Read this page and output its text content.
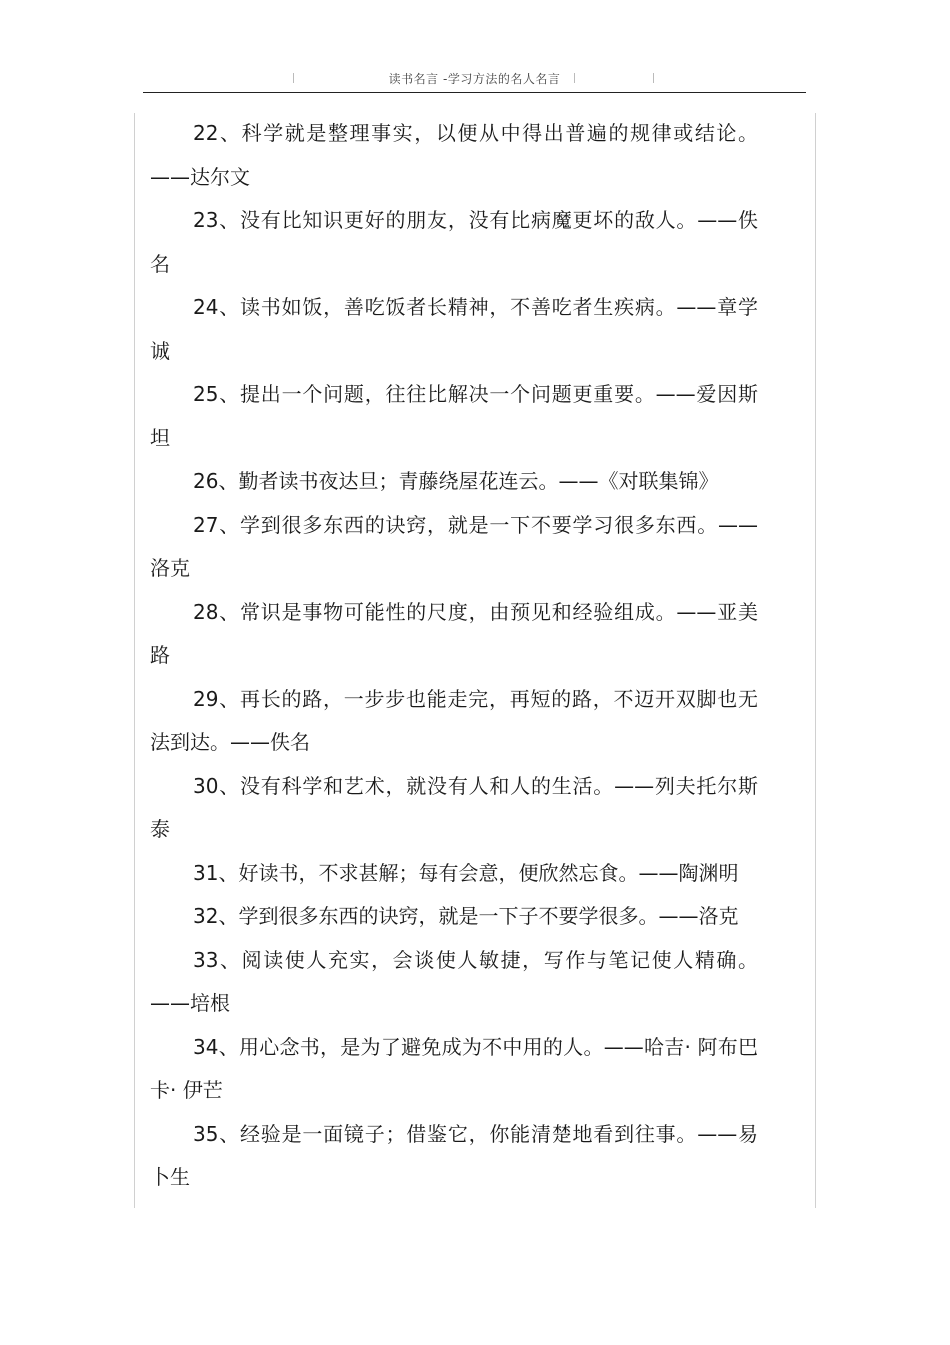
读书名言 -学习方法的名人名言

22、科学就是整理事实，以便从中得出普遍的规律或结论。——达尔文

23、没有比知识更好的朋友，没有比病魔更坏的敌人。——佚名

24、读书如饭，善吃饭者长精神，不善吃者生疾病。——章学诚

25、提出一个问题，往往比解决一个问题更重要。——爱因斯坦

26、勤者读书夜达旦；青藤绕屋花连云。——《对联集锦》

27、学到很多东西的诀窍，就是一下不要学习很多东西。——洛克

28、常识是事物可能性的尺度，由预见和经验组成。——亚美路

29、再长的路，一步步也能走完，再短的路，不迈开双脚也无法到达。——佚名

30、没有科学和艺术，就没有人和人的生活。——列夫托尔斯泰

31、好读书，不求甚解；每有会意，便欣然忘食。——陶渊明

32、学到很多东西的诀窍，就是一下子不要学很多。——洛克

33、阅读使人充实，会谈使人敏捷，写作与笔记使人精确。——培根

34、用心念书，是为了避免成为不中用的人。——哈吉· 阿布巴卡· 伊芒

35、经验是一面镜子；借鉴它，你能清楚地看到往事。——易卜生
